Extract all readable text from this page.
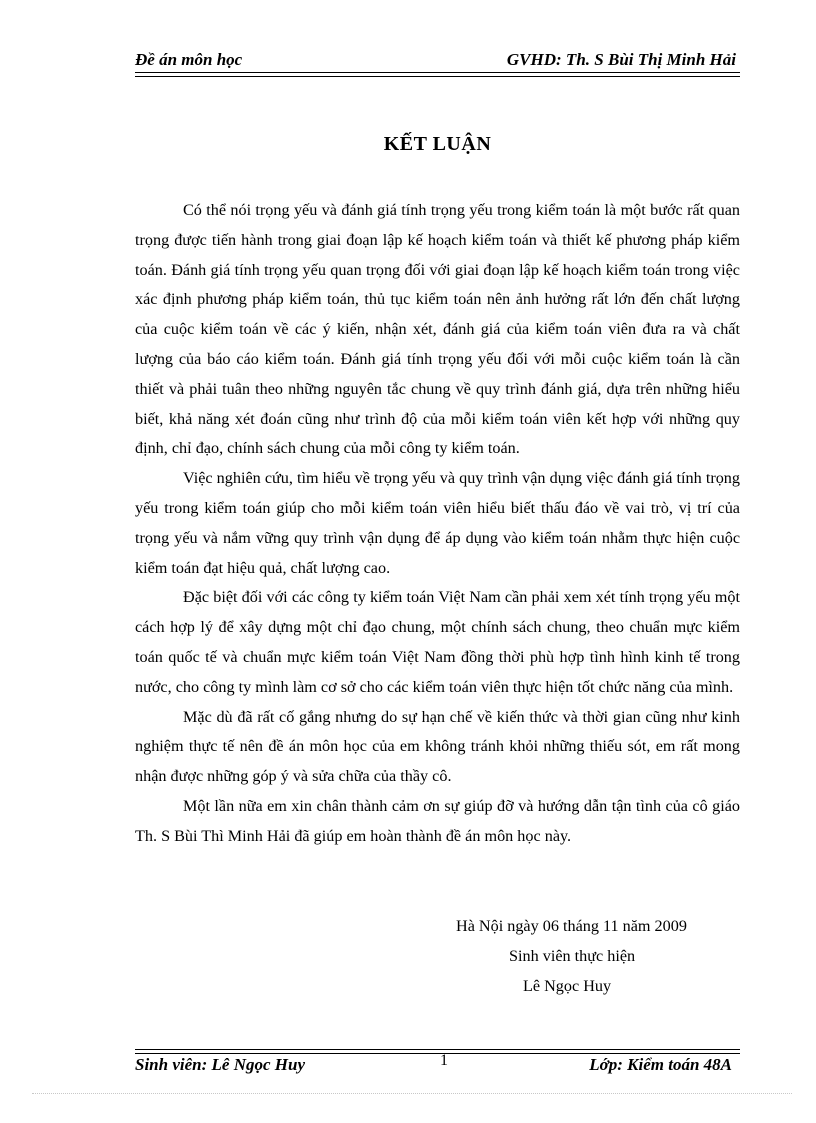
Đề án môn học	GVHD: Th. S Bùi Thị Minh Hải
KẾT LUẬN

Có thể nói trọng yếu và đánh giá tính trọng yếu trong kiểm toán là một bước rất quan trọng được tiến hành trong giai đoạn lập kế hoạch kiểm toán và thiết kế phương pháp kiểm toán. Đánh giá tính trọng yếu quan trọng đối với giai đoạn lập kế hoạch kiểm toán trong việc xác định phương pháp kiểm toán, thủ tục kiểm toán nên ảnh hưởng rất lớn đến chất lượng của cuộc kiểm toán về các ý kiến, nhận xét, đánh giá của kiểm toán viên đưa ra và chất lượng của báo cáo kiểm toán. Đánh giá tính trọng yếu đối với mỗi cuộc kiểm toán là cần thiết và phải tuân theo những nguyên tắc chung về quy trình đánh giá, dựa trên những hiểu biết, khả năng xét đoán cũng như trình độ của mỗi kiểm toán viên kết hợp với những quy định, chỉ đạo, chính sách chung của mỗi công ty kiểm toán.

Việc nghiên cứu, tìm hiểu về trọng yếu và quy trình vận dụng việc đánh giá tính trọng yếu trong kiểm toán giúp cho mỗi kiểm toán viên hiểu biết thấu đáo về vai trò, vị trí của trọng yếu và nắm vững quy trình vận dụng để áp dụng vào kiểm toán nhằm thực hiện cuộc kiểm toán đạt hiệu quả, chất lượng cao.

Đặc biệt đối với các công ty kiểm toán Việt Nam cần phải xem xét tính trọng yếu một cách hợp lý để xây dựng một chỉ đạo chung, một chính sách chung, theo chuẩn mực kiểm toán quốc tế và chuẩn mực kiểm toán Việt Nam đồng thời phù hợp tình hình kinh tế trong nước, cho công ty mình làm cơ sở cho các kiểm toán viên thực hiện tốt chức năng của mình.

Mặc dù đã rất cố gắng nhưng do sự hạn chế về kiến thức và thời gian cũng như kinh nghiệm thực tế nên đề án môn học của em không tránh khỏi những thiếu sót, em rất mong nhận được những góp ý và sửa chữa của thầy cô.

Một lần nữa em xin chân thành cảm ơn sự giúp đỡ và hướng dẫn tận tình của cô giáo Th. S Bùi Thì Minh Hải đã giúp em hoàn thành đề án môn học này.

Hà Nội ngày 06 tháng 11 năm 2009
Sinh viên thực hiện
Lê Ngọc Huy
Sinh viên: Lê Ngọc Huy	1	Lớp: Kiểm toán 48A
